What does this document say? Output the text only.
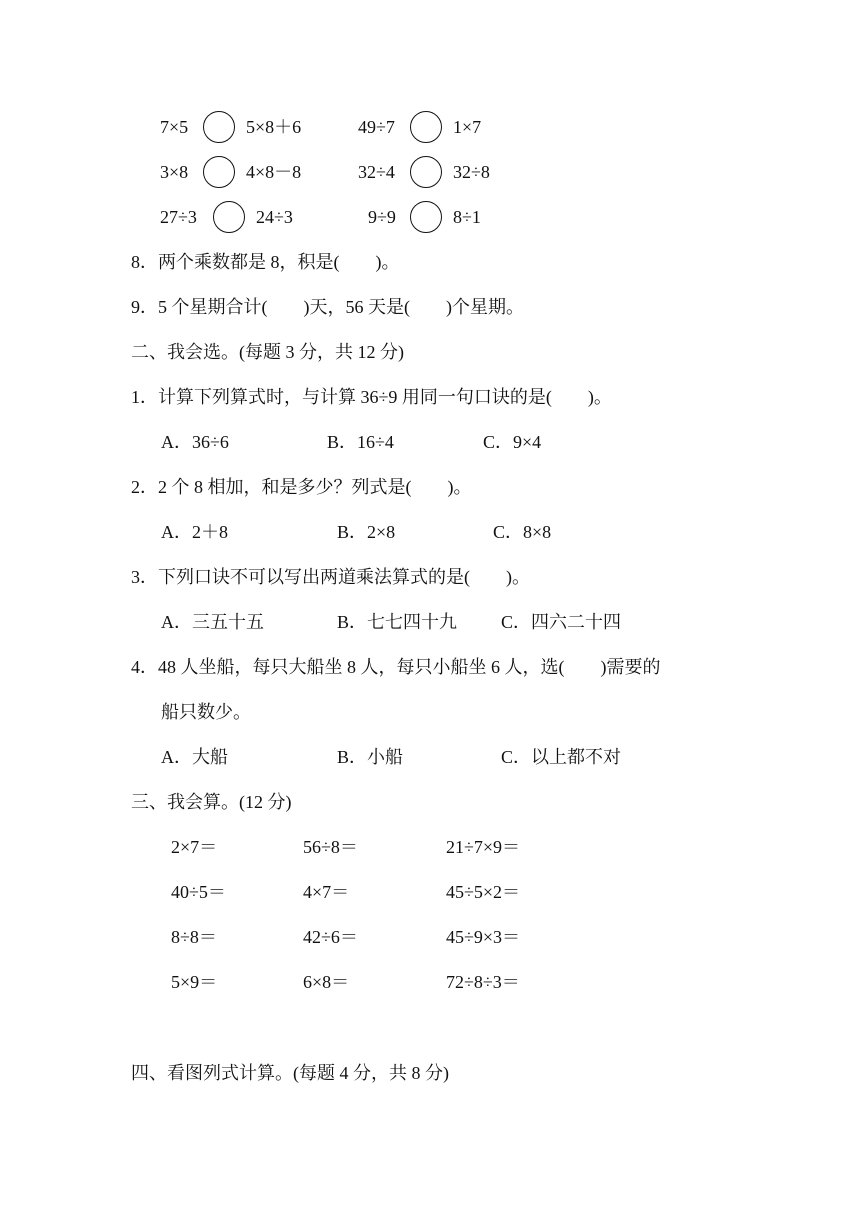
7×5	5×8＋6	49÷7	1×7
3×8	4×8－8	32÷4	32÷8
27÷3	24÷3	9÷9	8÷1
8．两个乘数都是 8，积是(　　)。
9．5 个星期合计(　　)天，56 天是(　　)个星期。
二、我会选。(每题 3 分，共 12 分)
1．计算下列算式时，与计算 36÷9 用同一句口诀的是(　　)。
A．36÷6	B．16÷4	C．9×4
2．2 个 8 相加，和是多少？列式是(　　)。
A．2＋8	B．2×8	C．8×8
3．下列口诀不可以写出两道乘法算式的是(　　)。
A．三五十五	B．七七四十九 C．四六二十四
4．48 人坐船，每只大船坐 8 人，每只小船坐 6 人，选(　　)需要的
船只数少。
A．大船	B．小船	C．以上都不对
三、我会算。(12 分)
2×7＝	56÷8＝	21÷7×9＝
40÷5＝	4×7＝	45÷5×2＝
8÷8＝	42÷6＝	45÷9×3＝
5×9＝	6×8＝	72÷8÷3＝
四、看图列式计算。(每题 4 分，共 8 分)
